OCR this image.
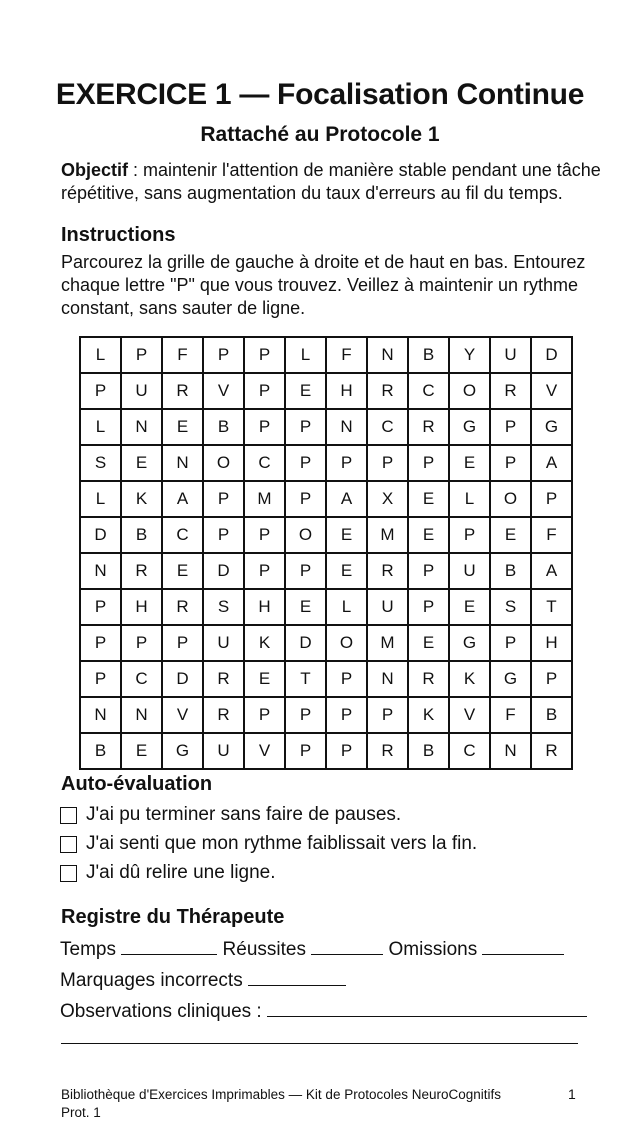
EXERCICE 1 — Focalisation Continue
Rattaché au Protocole 1
Objectif : maintenir l'attention de manière stable pendant une tâche répétitive, sans augmentation du taux d'erreurs au fil du temps.
Instructions
Parcourez la grille de gauche à droite et de haut en bas. Entourez chaque lettre "P" que vous trouvez. Veillez à maintenir un rythme constant, sans sauter de ligne.
L	P	F	P	P	L	F	N	B	Y	U	D
P	U	R	V	P	E	H	R	C	O	R	V
L	N	E	B	P	P	N	C	R	G	P	G
S	E	N	O	C	P	P	P	P	E	P	A
L	K	A	P	M	P	A	X	E	L	O	P
D	B	C	P	P	O	E	M	E	P	E	F
N	R	E	D	P	P	E	R	P	U	B	A
P	H	R	S	H	E	L	U	P	E	S	T
P	P	P	U	K	D	O	M	E	G	P	H
P	C	D	R	E	T	P	N	R	K	G	P
N	N	V	R	P	P	P	P	K	V	F	B
B	E	G	U	V	P	P	R	B	C	N	R
Auto-évaluation
J'ai pu terminer sans faire de pauses.
J'ai senti que mon rythme faiblissait vers la fin.
J'ai dû relire une ligne.
Registre du Thérapeute
Temps	Réussites	Omissions
Marquages incorrects
Observations cliniques :
Bibliothèque d'Exercices Imprimables — Kit de Protocoles NeuroCognitifs
Prot. 1
1
